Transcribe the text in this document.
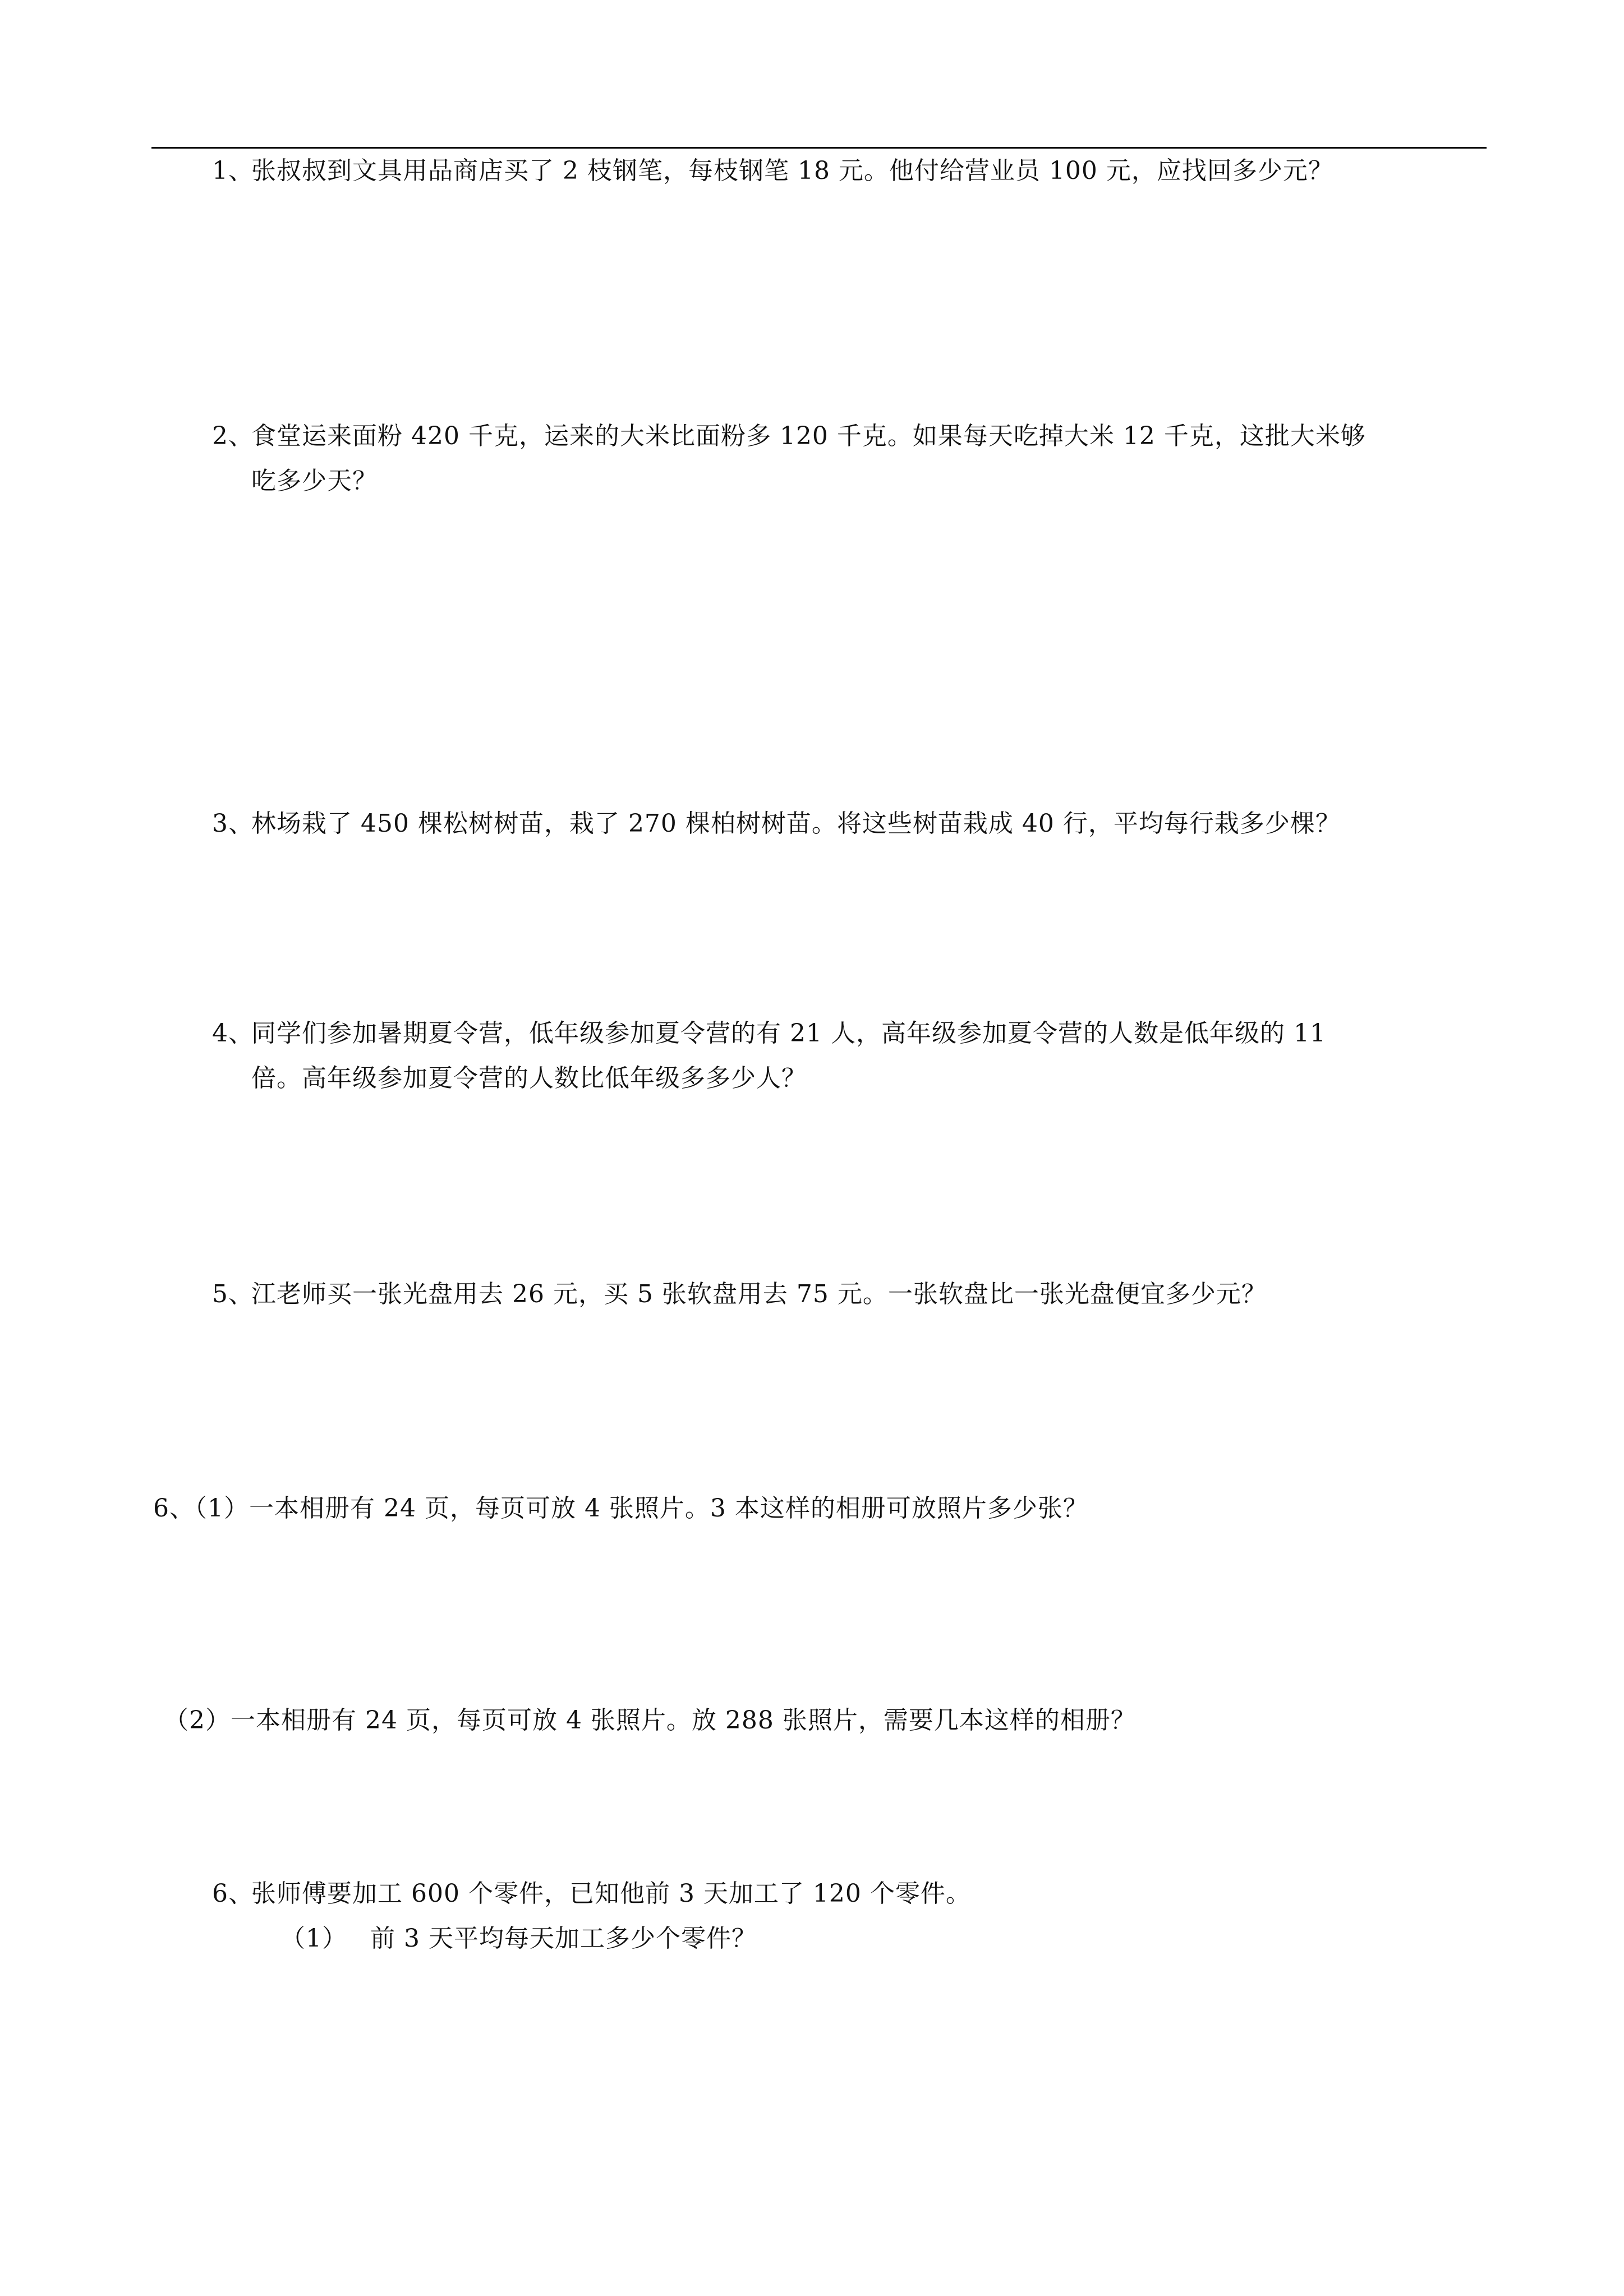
1、张叔叔到文具用品商店买了 2 枝钢笔，每枝钢笔 18 元。他付给营业员 100 元，应找回多少元？

2、食堂运来面粉 420 千克，运来的大米比面粉多 120 千克。如果每天吃掉大米 12 千克，这批大米够

吃多少天？

3、林场栽了 450 棵松树树苗，栽了 270 棵柏树树苗。将这些树苗栽成 40 行，平均每行栽多少棵？

4、同学们参加暑期夏令营，低年级参加夏令营的有 21 人，高年级参加夏令营的人数是低年级的 11

倍。高年级参加夏令营的人数比低年级多多少人？

5、江老师买一张光盘用去 26 元，买 5 张软盘用去 75 元。一张软盘比一张光盘便宜多少元？

6、（1）一本相册有 24 页，每页可放 4 张照片。3 本这样的相册可放照片多少张？

（2）一本相册有 24 页，每页可放 4 张照片。放 288 张照片，需要几本这样的相册？

6、张师傅要加工 600 个零件，已知他前 3 天加工了 120 个零件。

（1） 前 3 天平均每天加工多少个零件？
